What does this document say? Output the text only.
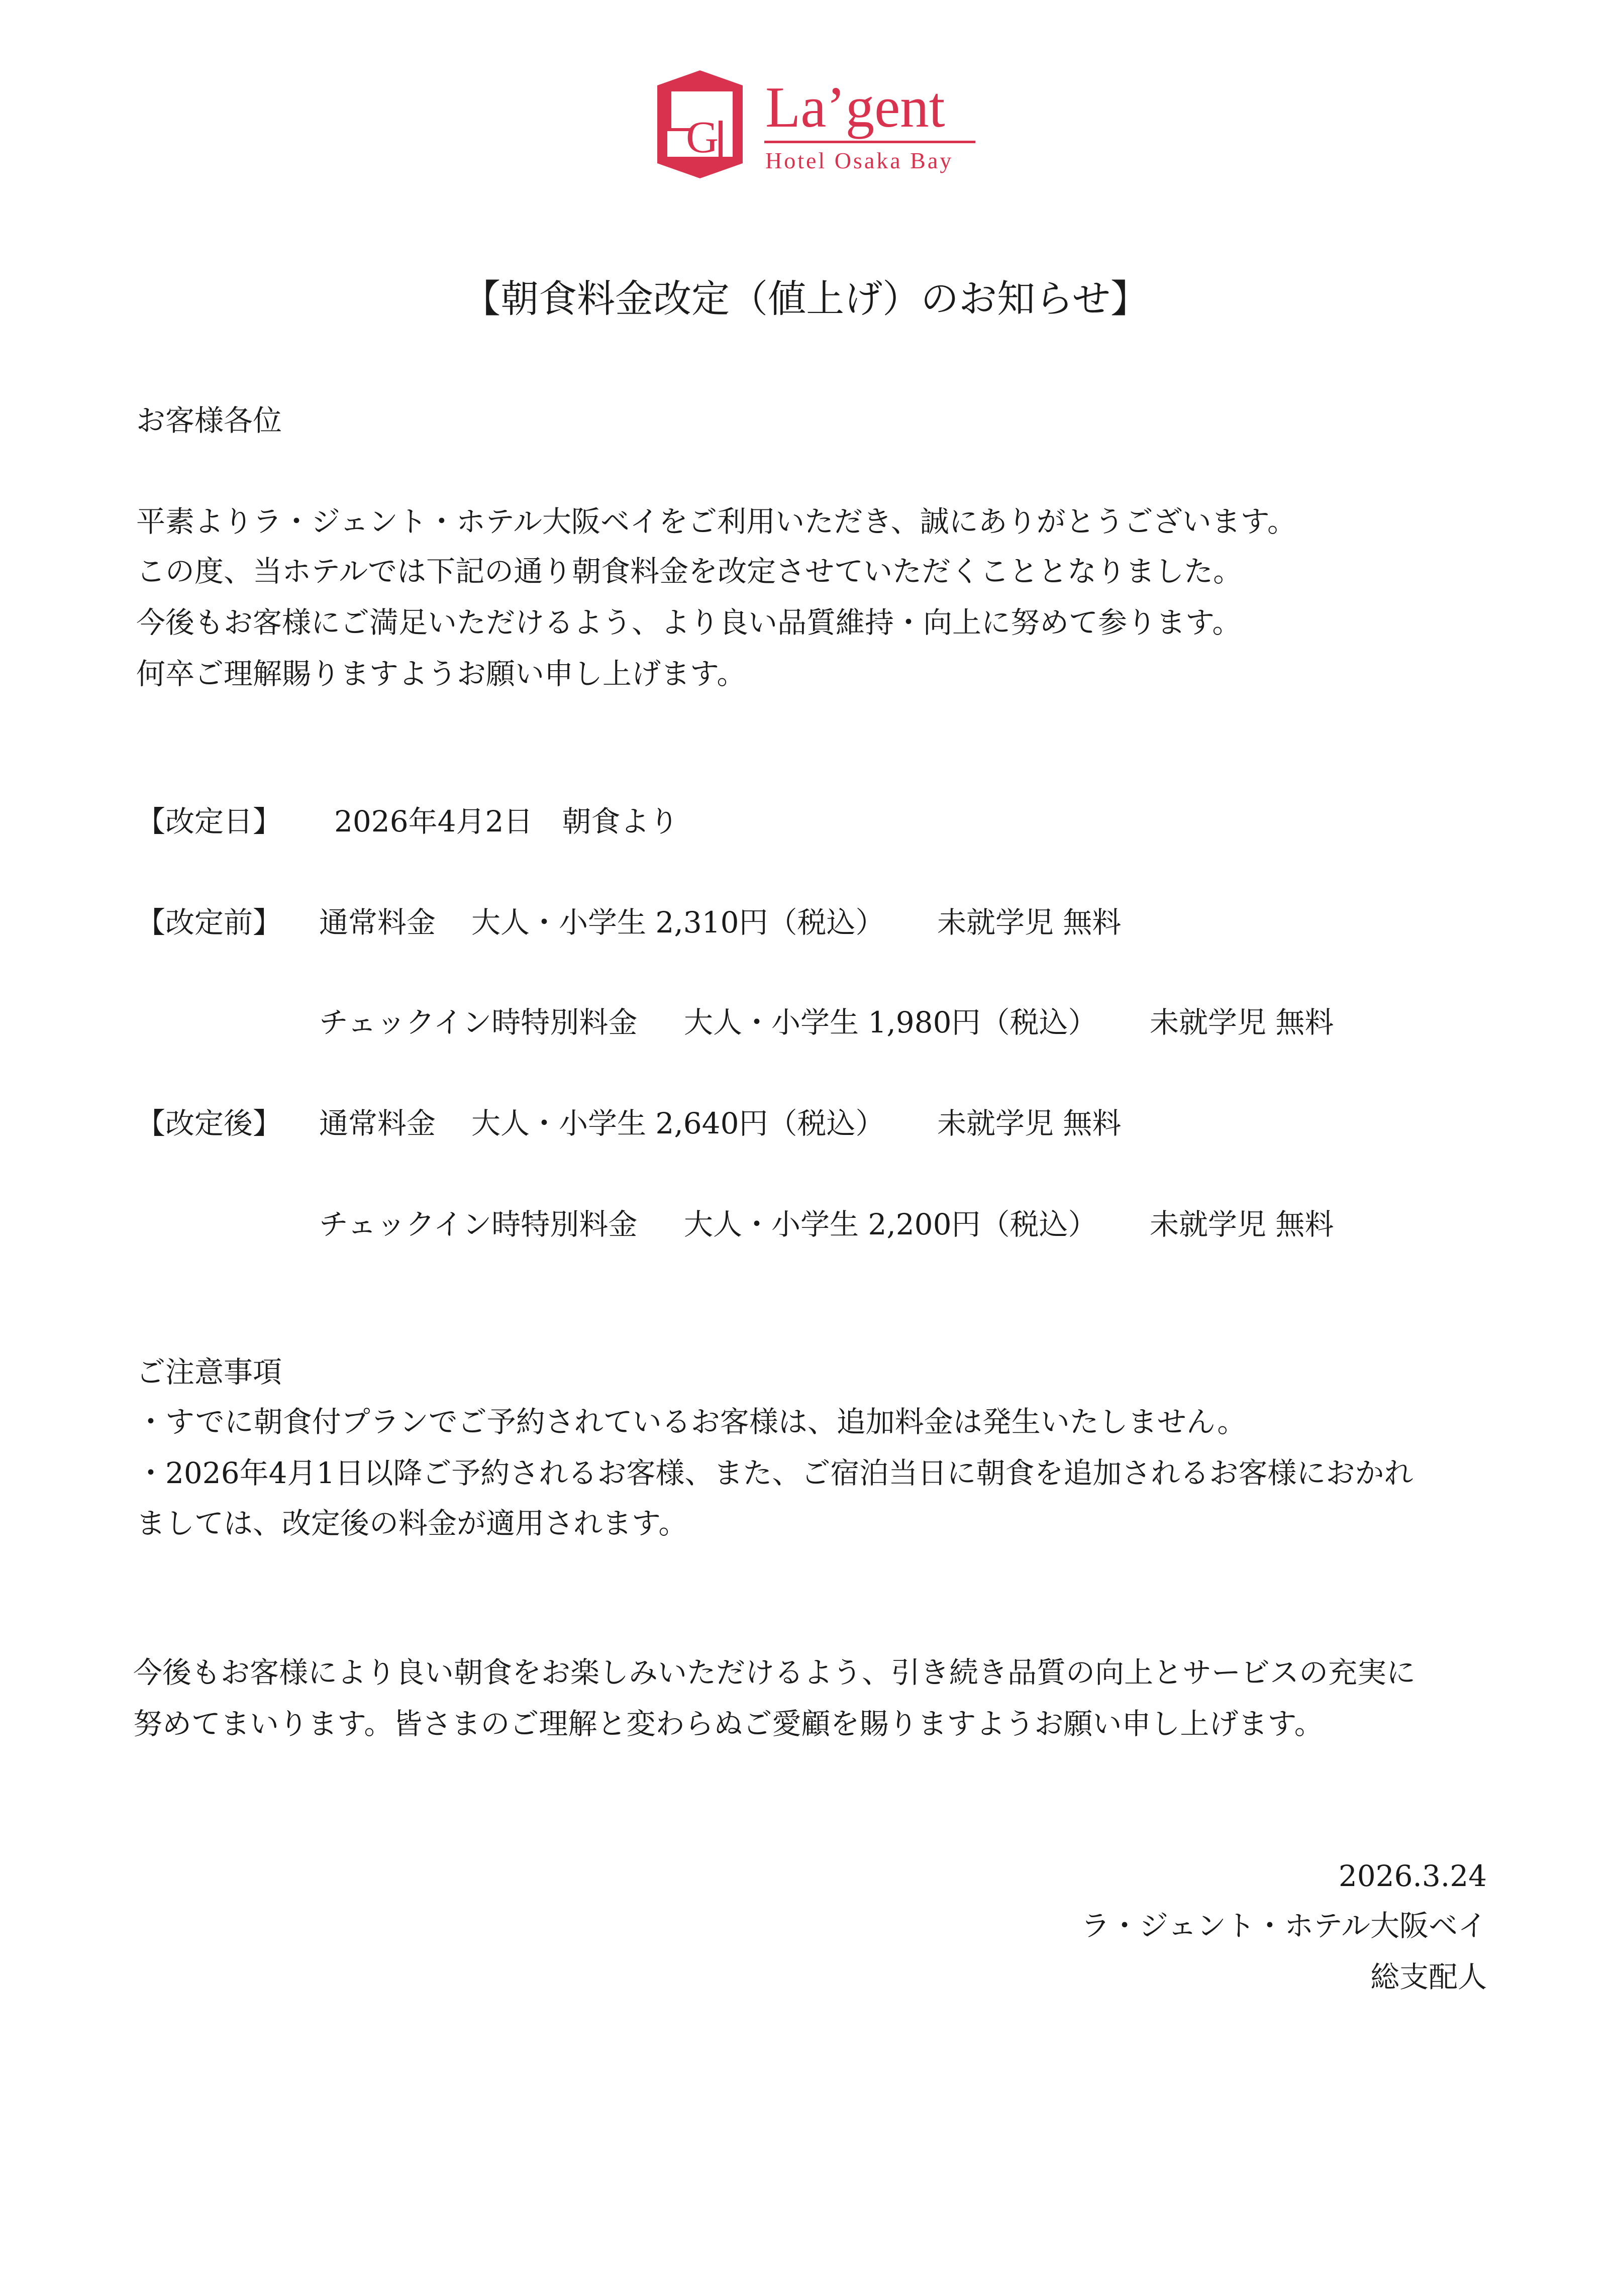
G La’gent
Hotel Osaka Bay
【朝食料金改定（値上げ）のお知らせ】
お客様各位
平素よりラ・ジェント・ホテル大阪ベイをご利用いただき、誠にありがとうございます。
この度、当ホテルでは下記の通り朝食料金を改定させていただくこととなりました。
今後もお客様にご満足いただけるよう、より良い品質維持・向上に努めて参ります。
何卒ご理解賜りますようお願い申し上げます。
【改定日】 2026年4月2日　朝食より
【改定前】 通常料金 大人・小学生 2,310円（税込） 未就学児 無料
チェックイン時特別料金 大人・小学生 1,980円（税込） 未就学児 無料
【改定後】 通常料金 大人・小学生 2,640円（税込） 未就学児 無料
チェックイン時特別料金 大人・小学生 2,200円（税込） 未就学児 無料
ご注意事項
・すでに朝食付プランでご予約されているお客様は、追加料金は発生いたしません。
・2026年4月1日以降ご予約されるお客様、また、ご宿泊当日に朝食を追加されるお客様におかれ
ましては、改定後の料金が適用されます。
今後もお客様により良い朝食をお楽しみいただけるよう、引き続き品質の向上とサービスの充実に
努めてまいります。皆さまのご理解と変わらぬご愛顧を賜りますようお願い申し上げます。
2026.3.24
ラ・ジェント・ホテル大阪ベイ
総支配人
